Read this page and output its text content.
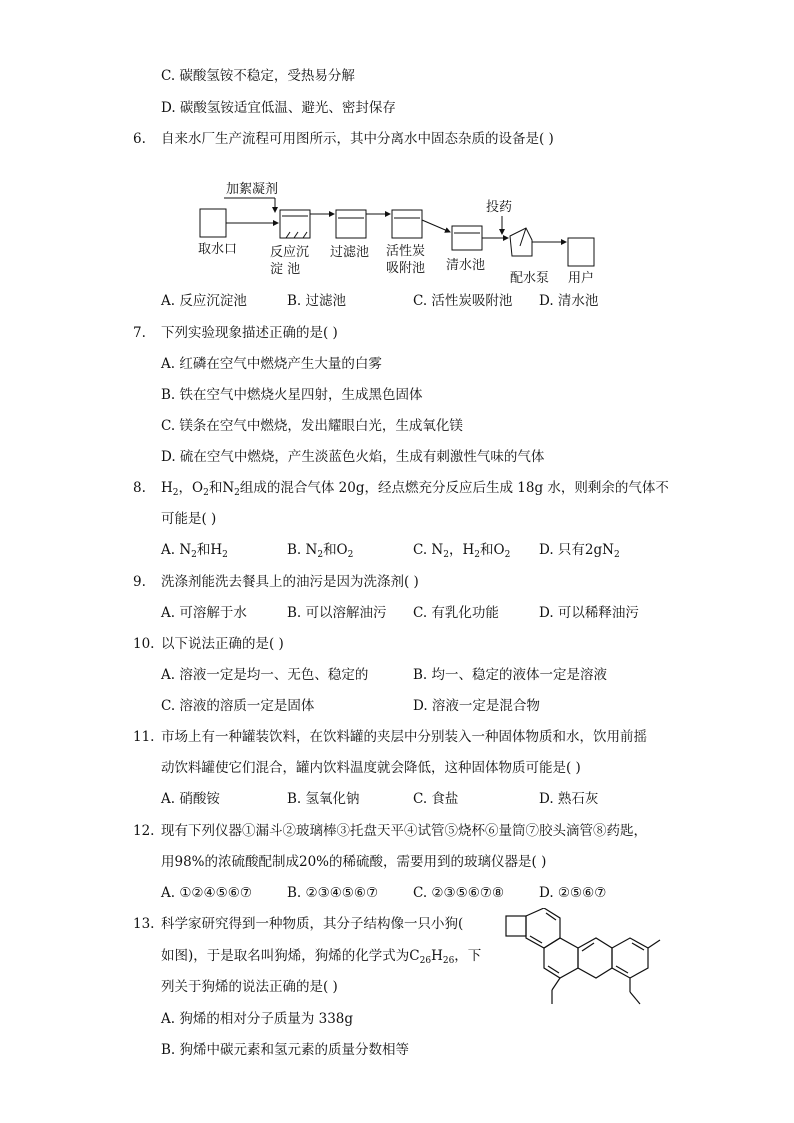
C. 碳酸氢铵不稳定，受热易分解
D. 碳酸氢铵适宜低温、避光、密封保存
6. 自来水厂生产流程可用图所示，其中分离水中固态杂质的设备是( )
加絮凝剂
投药
取水口	反应沉
淀 池
过滤池 活性炭
吸附池 清水池
配水泵 用户
A. 反应沉淀池	B. 过滤池	C. 活性炭吸附池 D. 清水池
7. 下列实验现象描述正确的是( )
A. 红磷在空气中燃烧产生大量的白雾
B. 铁在空气中燃烧火星四射，生成黑色固体
C. 镁条在空气中燃烧，发出耀眼白光，生成氧化镁
D. 硫在空气中燃烧，产生淡蓝色火焰，生成有刺激性气味的气体
8. $H_2$，$O_2$和$N_2$组成的混合气体 20g，经点燃充分反应后生成 18g 水，则剩余的气体不
可能是( )
A. $N_2$和$H_2$	B. $N_2$和$O_2$	C. $N_2$，$H_2$和$O_2$ D. 只有$2gN_2$
9. 洗涤剂能洗去餐具上的油污是因为洗涤剂( )
A. 可溶解于水	B. 可以溶解油污 C. 有乳化功能	D. 可以稀释油污
10. 以下说法正确的是( )
A. 溶液一定是均一、无色、稳定的	B. 均一、稳定的液体一定是溶液
C. 溶液的溶质一定是固体	D. 溶液一定是混合物
11. 市场上有一种罐装饮料，在饮料罐的夹层中分别装入一种固体物质和水，饮用前摇
动饮料罐使它们混合，罐内饮料温度就会降低，这种固体物质可能是( )
A. 硝酸铵	B. 氢氧化钠	C. 食盐	D. 熟石灰
12. 现有下列仪器①漏斗②玻璃棒③托盘天平④试管⑤烧杯⑥量筒⑦胶头滴管⑧药匙，
用98%的浓硫酸配制成20%的稀硫酸，需要用到的玻璃仪器是( )
A. ①②④⑤⑥⑦	B. ②③④⑤⑥⑦	C. ②③⑤⑥⑦⑧	D. ②⑤⑥⑦
13. 科学家研究得到一种物质，其分子结构像一只小狗(
如图)，于是取名叫狗烯，狗烯的化学式为$C_{26}H_{26}$，下
列关于狗烯的说法正确的是( )
A. 狗烯的相对分子质量为 338g
B. 狗烯中碳元素和氢元素的质量分数相等
